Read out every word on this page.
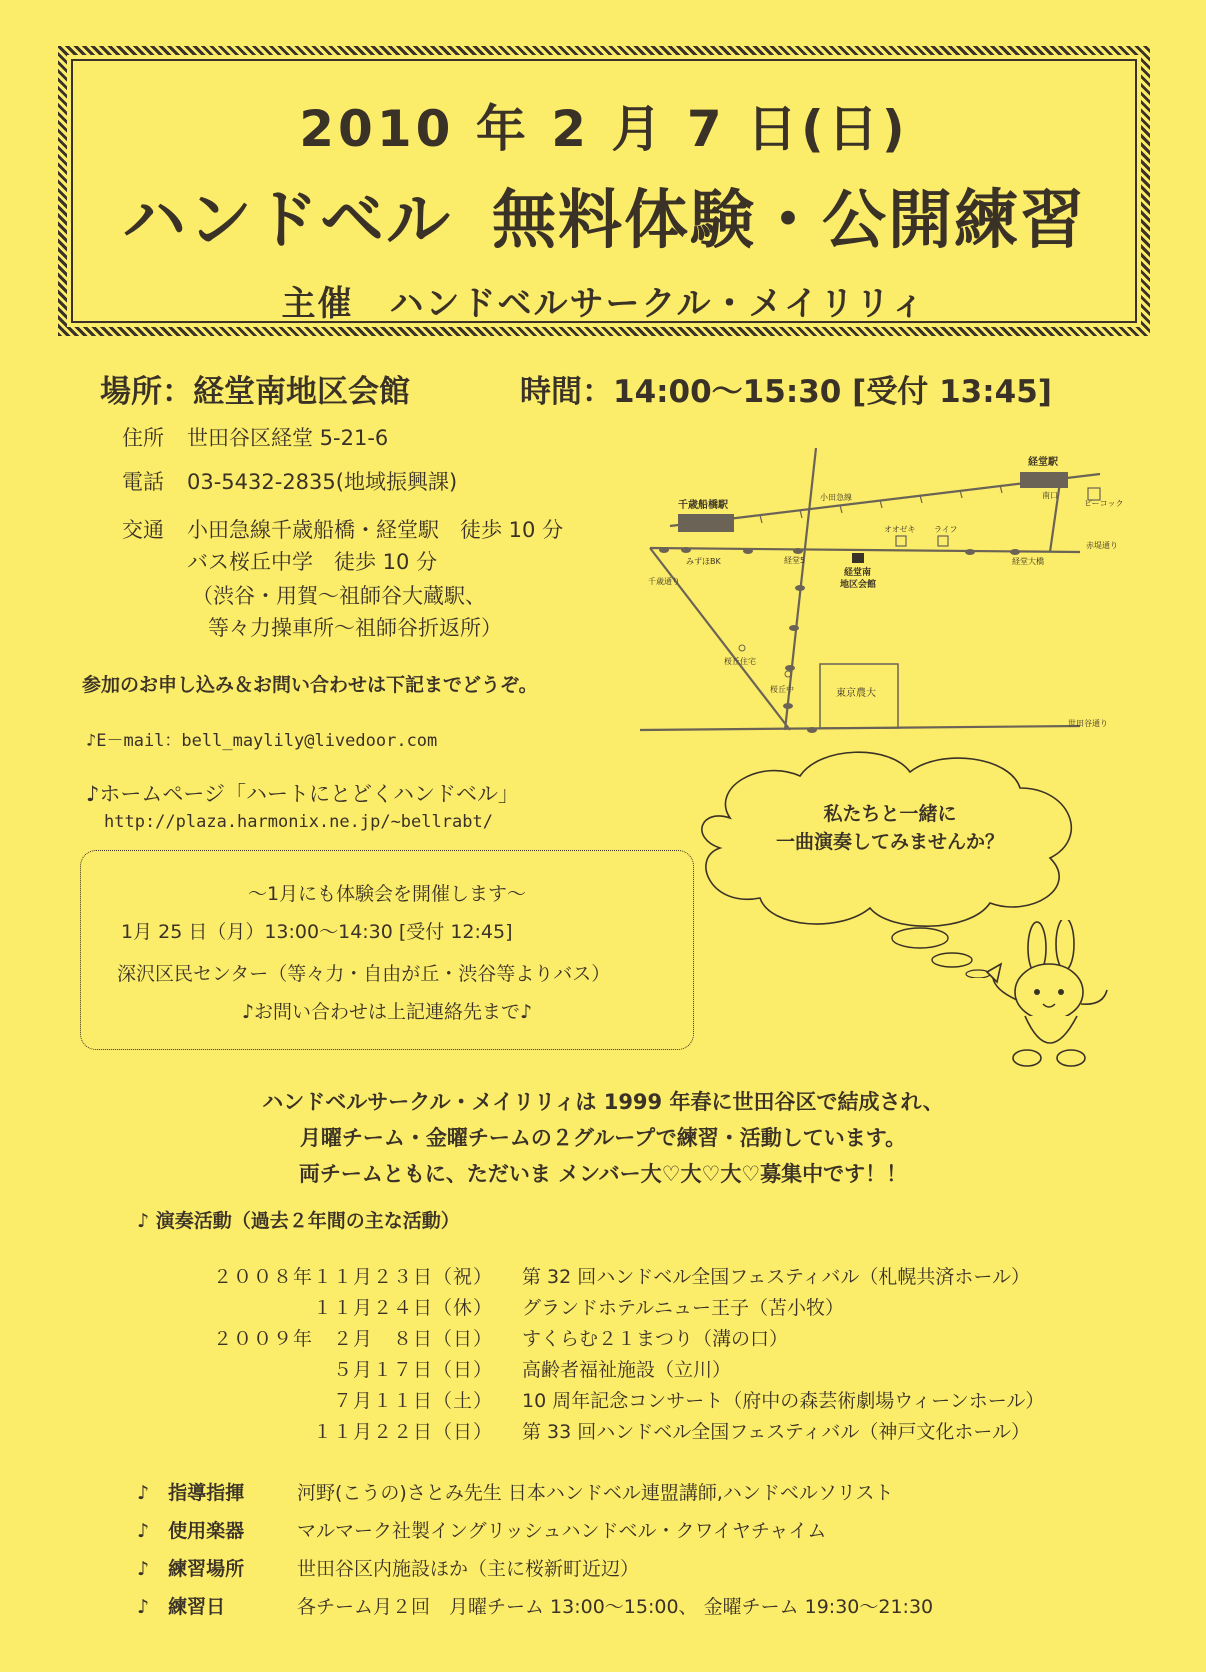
2010 年 2 月 7 日(日)
ハンドベル 無料体験・公開練習
主催 ハンドベルサークル・メイリリィ
場所：経堂南地区会館	時間：14:00～15:30 [受付 13:45]
住所 世田谷区経堂 5-21-6
電話 03-5432-2835(地域振興課)
交通 小田急線千歳船橋・経堂駅　徒歩 10 分
バス桜丘中学　徒歩 10 分
（渋谷・用賀～祖師谷大蔵駅、
等々力操車所～祖師谷折返所）
参加のお申し込み＆お問い合わせは下記までどうぞ。
♪E－mail：bell_maylily@livedoor.com
♪ホームページ「ハートにとどくハンドベル」
http://plaza.harmonix.ne.jp/~bellrabt/
千歳船橋駅
経堂駅
小田急線	南口
ピーコック
オオゼキ ライフ
赤堤通り
経堂南
地区会館
みずほBK	経堂5	経堂大橋
千歳通り
桜丘住宅
桜丘中	東京農大
世田谷通り
私たちと一緒に
一曲演奏してみませんか？
～1月にも体験会を開催します～
1月 25 日（月）13:00～14:30 [受付 12:45]
深沢区民センター（等々力・自由が丘・渋谷等よりバス）
♪お問い合わせは上記連絡先まで♪
ハンドベルサークル・メイリリィは 1999 年春に世田谷区で結成され、
月曜チーム・金曜チームの２グループで練習・活動しています。
両チームともに、ただいま メンバー大♡大♡大♡募集中です！！
♪ 演奏活動（過去２年間の主な活動）
２００８年１１月２３日（祝） 第 32 回ハンドベル全国フェスティバル（札幌共済ホール）
１１月２４日（休） グランドホテルニュー王子（苫小牧）
２００９年　２月　８日（日） すくらむ２１まつり（溝の口）
５月１７日（日） 高齢者福祉施設（立川）
７月１１日（土） 10 周年記念コンサート（府中の森芸術劇場ウィーンホール）
１１月２２日（日） 第 33 回ハンドベル全国フェスティバル（神戸文化ホール）
♪　 指導指揮	河野(こうの)さとみ先生 日本ハンドベル連盟講師,ハンドベルソリスト
♪　 使用楽器	マルマーク社製イングリッシュハンドベル・クワイヤチャイム
♪　 練習場所	世田谷区内施設ほか（主に桜新町近辺）
♪　 練習日	各チーム月２回　月曜チーム 13:00～15:00、 金曜チーム 19:30～21:30
